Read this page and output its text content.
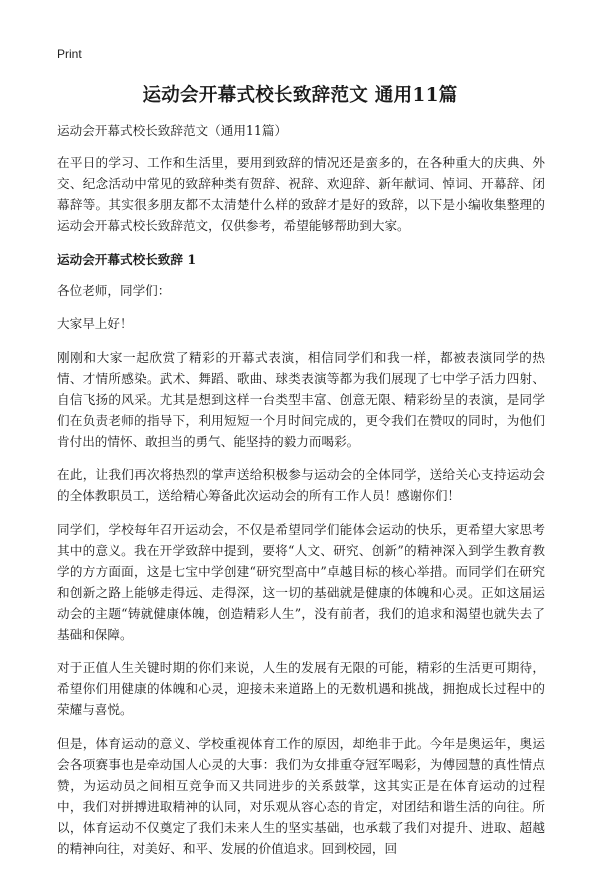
Print
运动会开幕式校长致辞范文 通用11篇

运动会开幕式校长致辞范文（通用11篇）

在平日的学习、工作和生活里，要用到致辞的情况还是蛮多的，在各种重大的庆典、外交、纪念活动中常见的致辞种类有贺辞、祝辞、欢迎辞、新年献词、悼词、开幕辞、闭幕辞等。其实很多朋友都不太清楚什么样的致辞才是好的致辞，以下是小编收集整理的运动会开幕式校长致辞范文，仅供参考，希望能够帮助到大家。

运动会开幕式校长致辞 1

各位老师，同学们：

大家早上好！

刚刚和大家一起欣赏了精彩的开幕式表演，相信同学们和我一样，都被表演同学的热情、才情所感染。武术、舞蹈、歌曲、球类表演等都为我们展现了七中学子活力四射、自信飞扬的风采。尤其是想到这样一台类型丰富、创意无限、精彩纷呈的表演，是同学们在负责老师的指导下，利用短短一个月时间完成的，更令我们在赞叹的同时，为他们肯付出的情怀、敢担当的勇气、能坚持的毅力而喝彩。

在此，让我们再次将热烈的掌声送给积极参与运动会的全体同学，送给关心支持运动会的全体教职员工，送给精心筹备此次运动会的所有工作人员！感谢你们！

同学们，学校每年召开运动会，不仅是希望同学们能体会运动的快乐，更希望大家思考其中的意义。我在开学致辞中提到，要将“人文、研究、创新”的精神深入到学生教育教学的方方面面，这是七宝中学创建“研究型高中”卓越目标的核心举措。而同学们在研究和创新之路上能够走得远、走得深，这一切的基础就是健康的体魄和心灵。正如这届运动会的主题“铸就健康体魄，创造精彩人生”，没有前者，我们的追求和渴望也就失去了基础和保障。

对于正值人生关键时期的你们来说，人生的发展有无限的可能，精彩的生活更可期待，希望你们用健康的体魄和心灵，迎接未来道路上的无数机遇和挑战，拥抱成长过程中的荣耀与喜悦。

但是，体育运动的意义、学校重视体育工作的原因，却绝非于此。今年是奥运年，奥运会各项赛事也是牵动国人心灵的大事：我们为女排重夺冠军喝彩，为傅园慧的真性情点赞，为运动员之间相互竞争而又共同进步的关系鼓掌，这其实正是在体育运动的过程中，我们对拼搏进取精神的认同，对乐观从容心态的肯定，对团结和谐生活的向往。所以，体育运动不仅奠定了我们未来人生的坚实基础，也承载了我们对提升、进取、超越的精神向往，对美好、和平、发展的价值追求。回到校园，回
